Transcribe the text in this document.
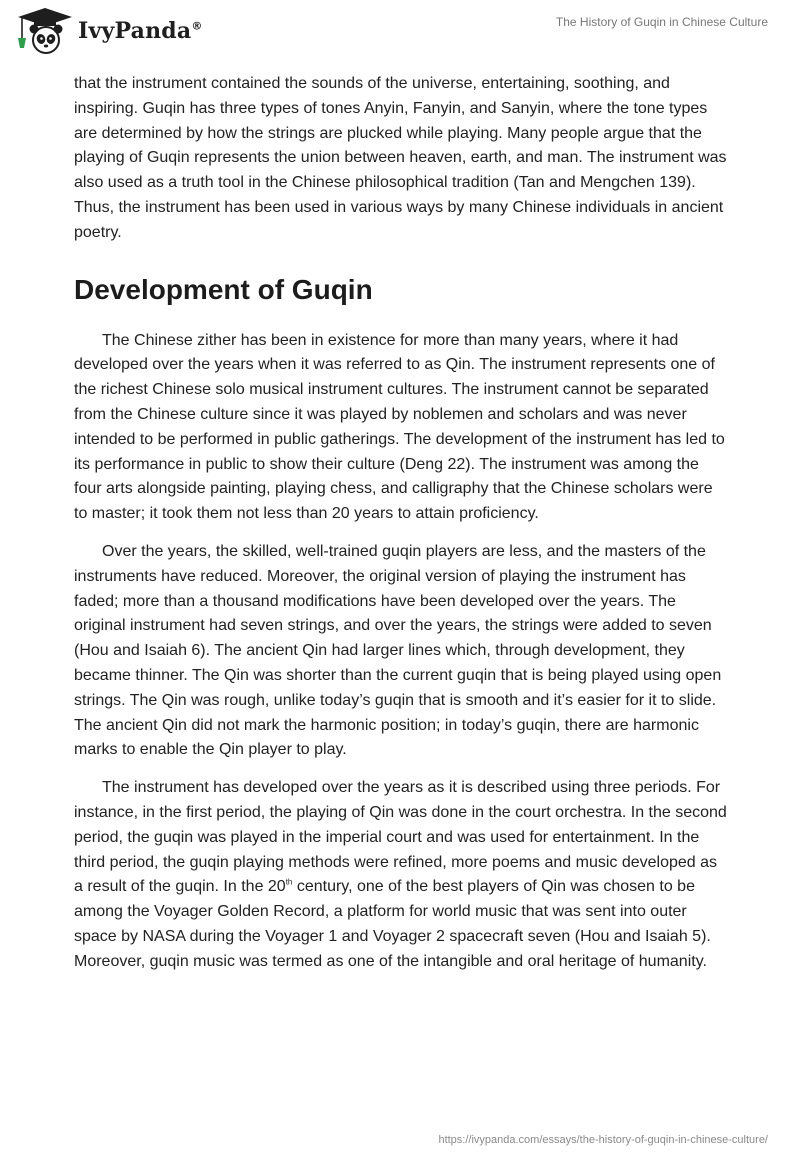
IvyPanda®	The History of Guqin in Chinese Culture

that the instrument contained the sounds of the universe, entertaining, soothing, and inspiring. Guqin has three types of tones Anyin, Fanyin, and Sanyin, where the tone types are determined by how the strings are plucked while playing. Many people argue that the playing of Guqin represents the union between heaven, earth, and man. The instrument was also used as a truth tool in the Chinese philosophical tradition (Tan and Mengchen 139). Thus, the instrument has been used in various ways by many Chinese individuals in ancient poetry.

Development of Guqin

The Chinese zither has been in existence for more than many years, where it had developed over the years when it was referred to as Qin. The instrument represents one of the richest Chinese solo musical instrument cultures. The instrument cannot be separated from the Chinese culture since it was played by noblemen and scholars and was never intended to be performed in public gatherings. The development of the instrument has led to its performance in public to show their culture (Deng 22). The instrument was among the four arts alongside painting, playing chess, and calligraphy that the Chinese scholars were to master; it took them not less than 20 years to attain proficiency.

Over the years, the skilled, well-trained guqin players are less, and the masters of the instruments have reduced. Moreover, the original version of playing the instrument has faded; more than a thousand modifications have been developed over the years. The original instrument had seven strings, and over the years, the strings were added to seven (Hou and Isaiah 6). The ancient Qin had larger lines which, through development, they became thinner. The Qin was shorter than the current guqin that is being played using open strings. The Qin was rough, unlike today’s guqin that is smooth and it’s easier for it to slide. The ancient Qin did not mark the harmonic position; in today’s guqin, there are harmonic marks to enable the Qin player to play.

The instrument has developed over the years as it is described using three periods. For instance, in the first period, the playing of Qin was done in the court orchestra. In the second period, the guqin was played in the imperial court and was used for entertainment. In the third period, the guqin playing methods were refined, more poems and music developed as a result of the guqin. In the 20th century, one of the best players of Qin was chosen to be among the Voyager Golden Record, a platform for world music that was sent into outer space by NASA during the Voyager 1 and Voyager 2 spacecraft seven (Hou and Isaiah 5). Moreover, guqin music was termed as one of the intangible and oral heritage of humanity.

https://ivypanda.com/essays/the-history-of-guqin-in-chinese-culture/
